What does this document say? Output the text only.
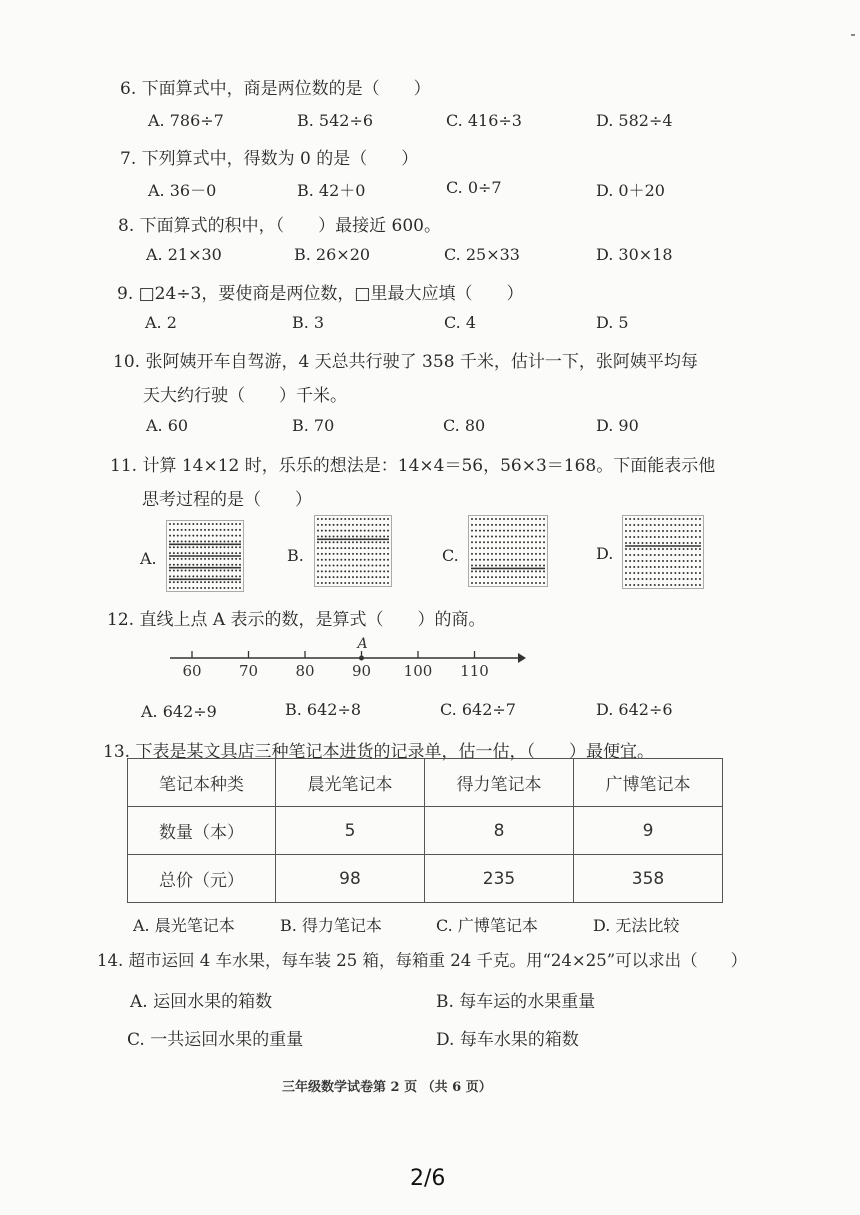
6. 下面算式中，商是两位数的是（　　）
A. 786÷7	B. 542÷6	C. 416÷3	D. 582÷4
7. 下列算式中，得数为 0 的是（　　）
A. 36－0	B. 42＋0	C. 0÷7	D. 0＋20
8. 下面算式的积中，（　　）最接近 600。
A. 21×30	B. 26×20	C. 25×33	D. 30×18
9. □24÷3，要使商是两位数，□里最大应填（　　）
A. 2	B. 3	C. 4	D. 5
10. 张阿姨开车自驾游，4 天总共行驶了 358 千米，估计一下，张阿姨平均每
天大约行驶（　　）千米。
A. 60	B. 70	C. 80	D. 90
11. 计算 14×12 时，乐乐的想法是：14×4＝56，56×3＝168。下面能表示他
思考过程的是（　　）
A.	B.	C.	D.
12. 直线上点 A 表示的数，是算式（　　）的商。
60 70 80 90 100 110
A
A. 642÷9	B. 642÷8	C. 642÷7	D. 642÷6
13. 下表是某文具店三种笔记本进货的记录单，估一估，（　　）最便宜。
笔记本种类	晨光笔记本	得力笔记本	广博笔记本
数量（本）	5	8	9
总价（元）	98	235	358
A. 晨光笔记本	B. 得力笔记本	C. 广博笔记本	D. 无法比较
14. 超市运回 4 车水果，每车装 25 箱，每箱重 24 千克。用“24×25”可以求出（　　）
A. 运回水果的箱数	B. 每车运的水果重量
C. 一共运回水果的重量	D. 每车水果的箱数
三年级数学试卷第 2 页 （共 6 页）
2/6
